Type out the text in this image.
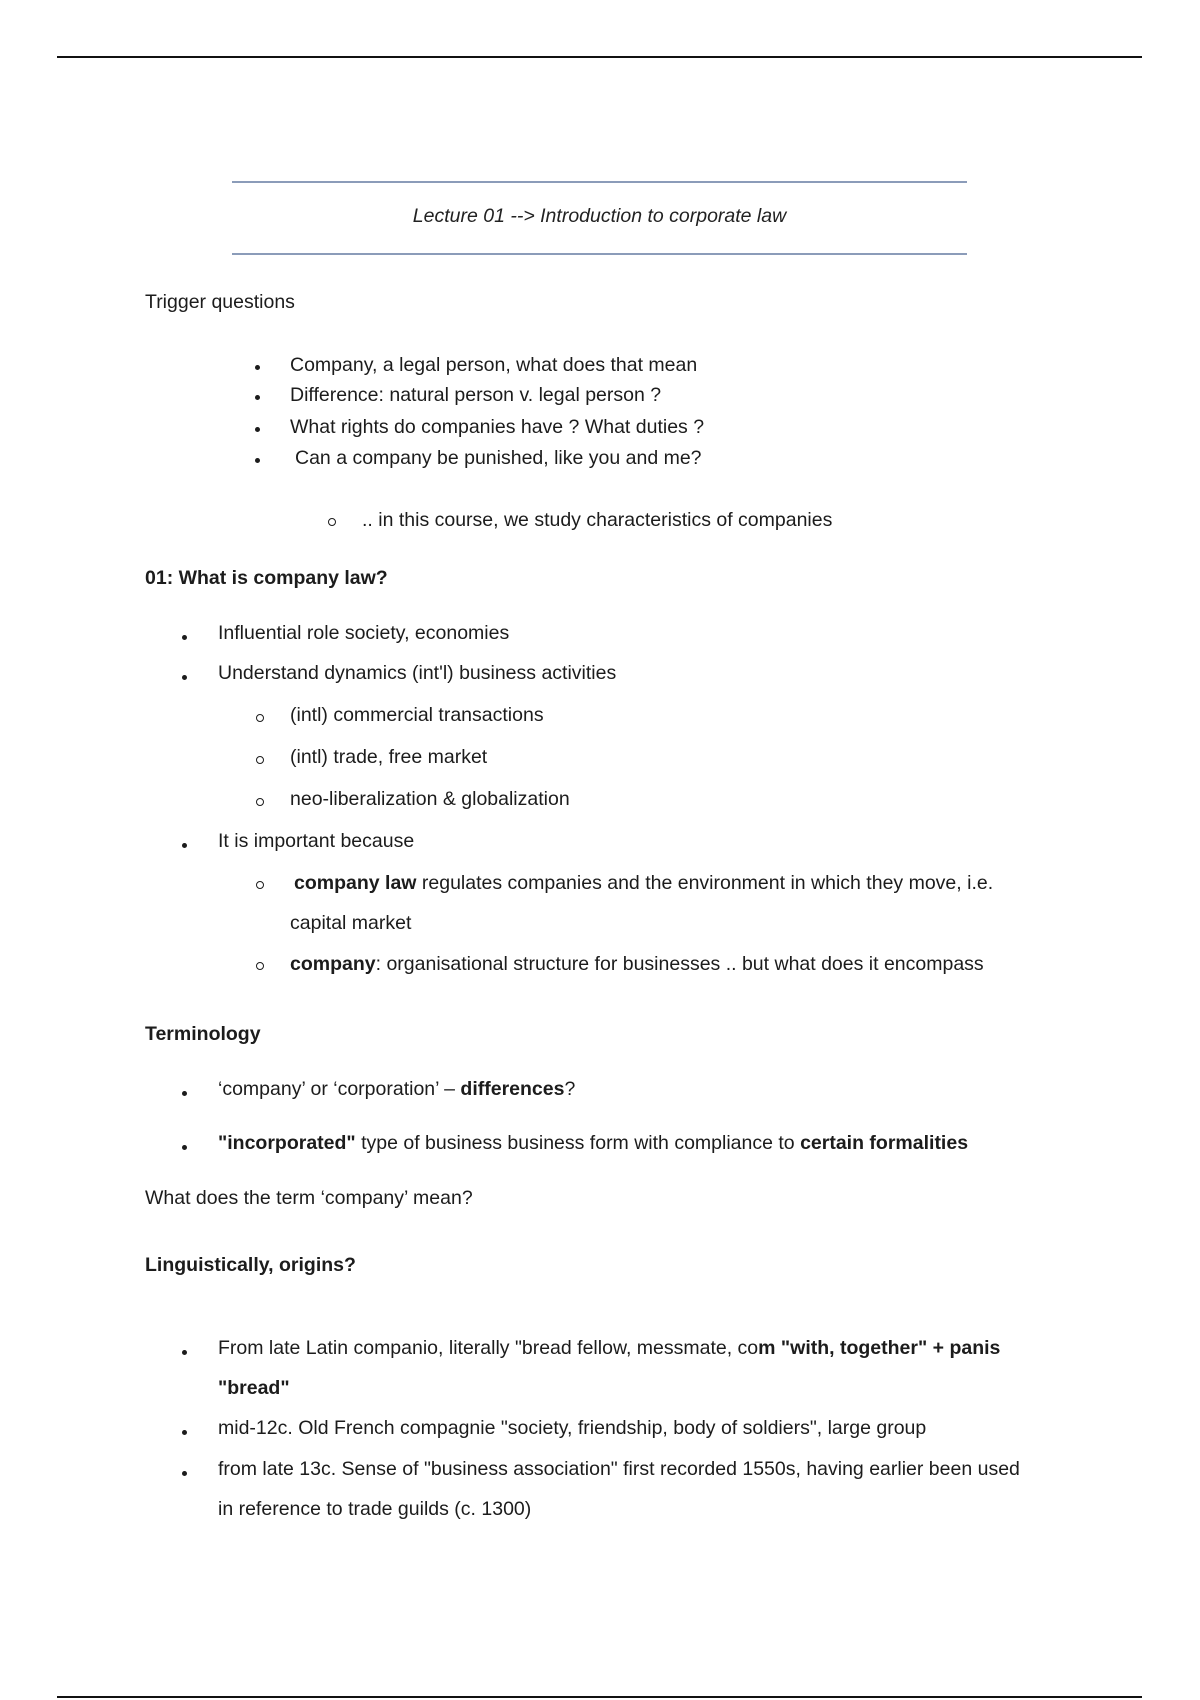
Lecture 01 --> Introduction to corporate law
Trigger questions
Company, a legal person, what does that mean
Difference: natural person v. legal person ?
What rights do companies have ? What duties ?
Can a company be punished, like you and me?
.. in this course, we study characteristics of companies
01: What is company law?
Influential role society, economies
Understand dynamics (int'l) business activities
(intl) commercial transactions
(intl) trade, free market
neo-liberalization & globalization
It is important because
company law regulates companies and the environment in which they move, i.e.
capital market
company: organisational structure for businesses .. but what does it encompass
Terminology
‘company’ or ‘corporation’ – differences?
"incorporated" type of business business form with compliance to certain formalities
What does the term ‘company’ mean?
Linguistically, origins?
From late Latin companio, literally "bread fellow, messmate, com "with, together" + panis
"bread"
mid-12c. Old French compagnie "society, friendship, body of soldiers", large group
from late 13c. Sense of "business association" first recorded 1550s, having earlier been used
in reference to trade guilds (c. 1300)
